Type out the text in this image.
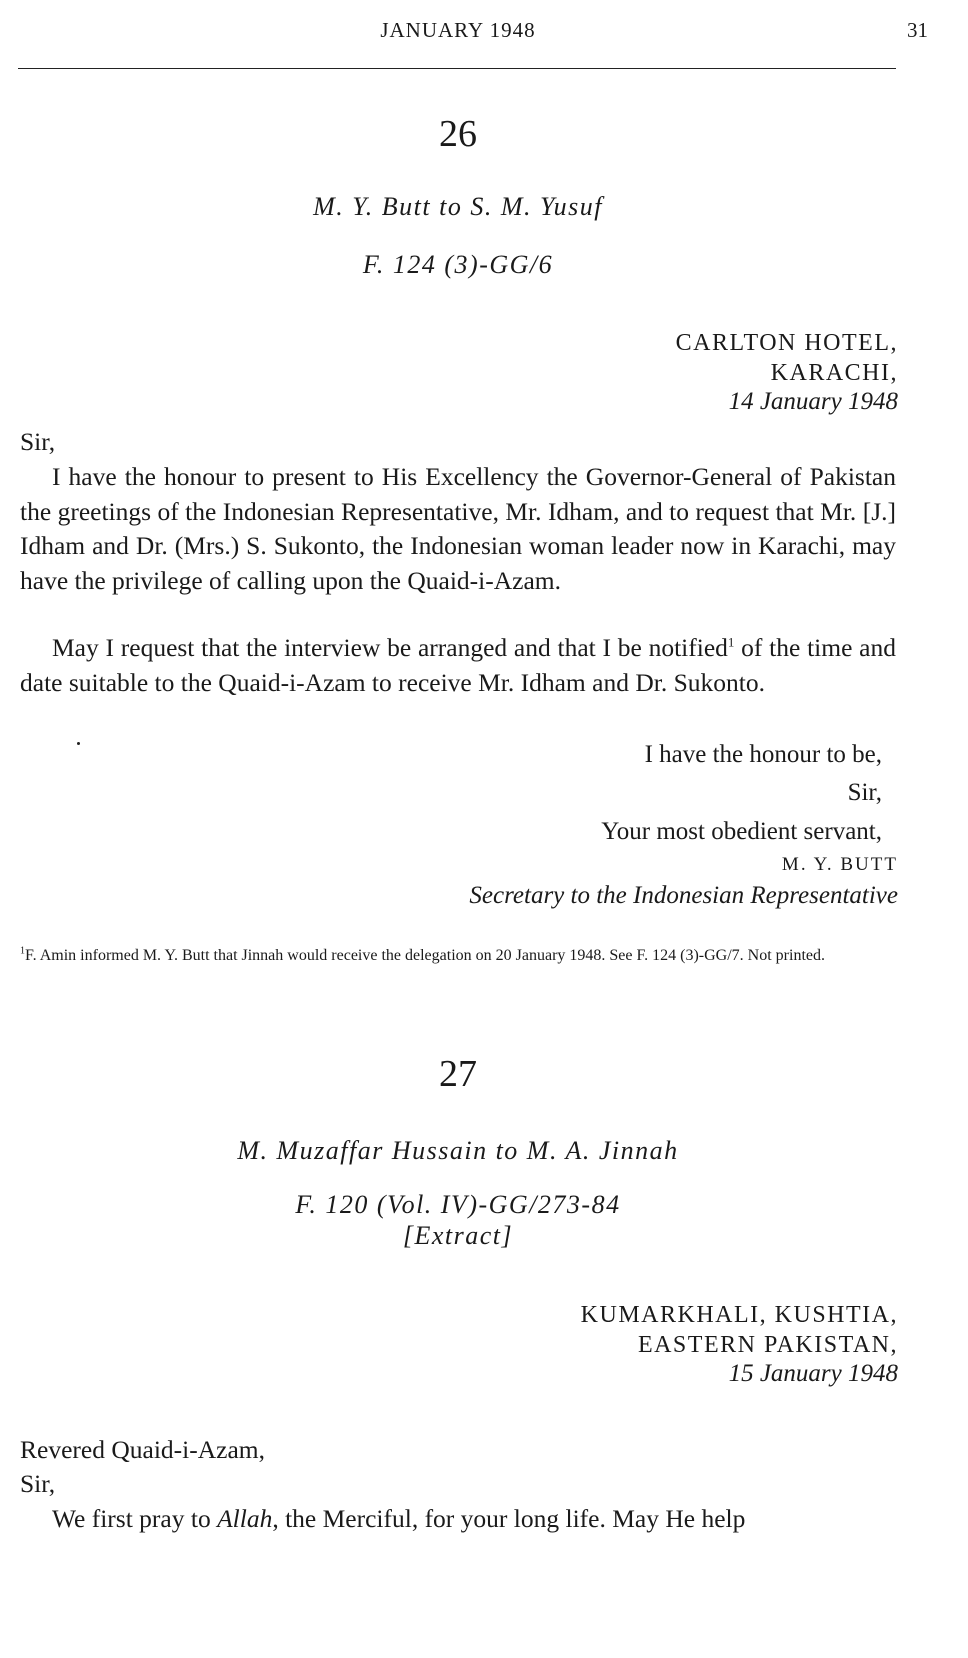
JANUARY 1948	31
26
M. Y. Butt to S. M. Yusuf
F. 124 (3)-GG/6
CARLTON HOTEL,
KARACHI,
14 January 1948
Sir,
I have the honour to present to His Excellency the Governor-General of Pakistan the greetings of the Indonesian Representative, Mr. Idham, and to request that Mr. [J.] Idham and Dr. (Mrs.) S. Sukonto, the Indonesian woman leader now in Karachi, may have the privilege of calling upon the Quaid-i-Azam.
May I request that the interview be arranged and that I be notified$^1$ of the time and date suitable to the Quaid-i-Azam to receive Mr. Idham and Dr. Sukonto.
I have the honour to be,
Sir,
Your most obedient servant,
M. Y. BUTT
Secretary to the Indonesian Representative
$^1$F. Amin informed M. Y. Butt that Jinnah would receive the delegation on 20 January 1948. See F. 124 (3)-GG/7. Not printed.
27
M. Muzaffar Hussain to M. A. Jinnah
F. 120 (Vol. IV)-GG/273-84
[Extract]
KUMARKHALI, KUSHTIA,
EASTERN PAKISTAN,
15 January 1948
Revered Quaid-i-Azam,
Sir,
We first pray to Allah, the Merciful, for your long life. May He help
